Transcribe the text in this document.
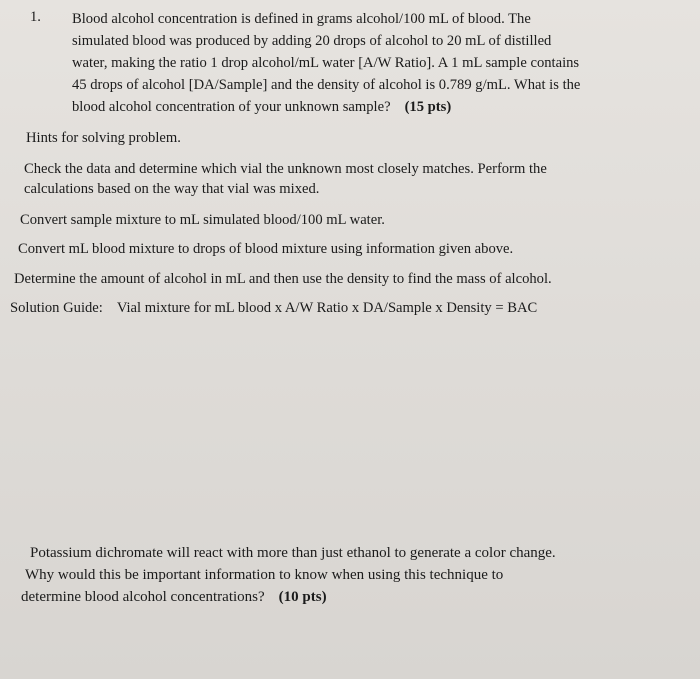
1. Blood alcohol concentration is defined in grams alcohol/100 mL of blood. The
simulated blood was produced by adding 20 drops of alcohol to 20 mL of distilled
water, making the ratio 1 drop alcohol/mL water [A/W Ratio]. A 1 mL sample contains
45 drops of alcohol [DA/Sample] and the density of alcohol is 0.789 g/mL. What is the
blood alcohol concentration of your unknown sample? (15 pts)
Hints for solving problem.
Check the data and determine which vial the unknown most closely matches. Perform the
calculations based on the way that vial was mixed.
Convert sample mixture to mL simulated blood/100 mL water.
Convert mL blood mixture to drops of blood mixture using information given above.
Determine the amount of alcohol in mL and then use the density to find the mass of alcohol.
Solution Guide: Vial mixture for mL blood x A/W Ratio x DA/Sample x Density = BAC
Potassium dichromate will react with more than just ethanol to generate a color change.
Why would this be important information to know when using this technique to
determine blood alcohol concentrations? (10 pts)
